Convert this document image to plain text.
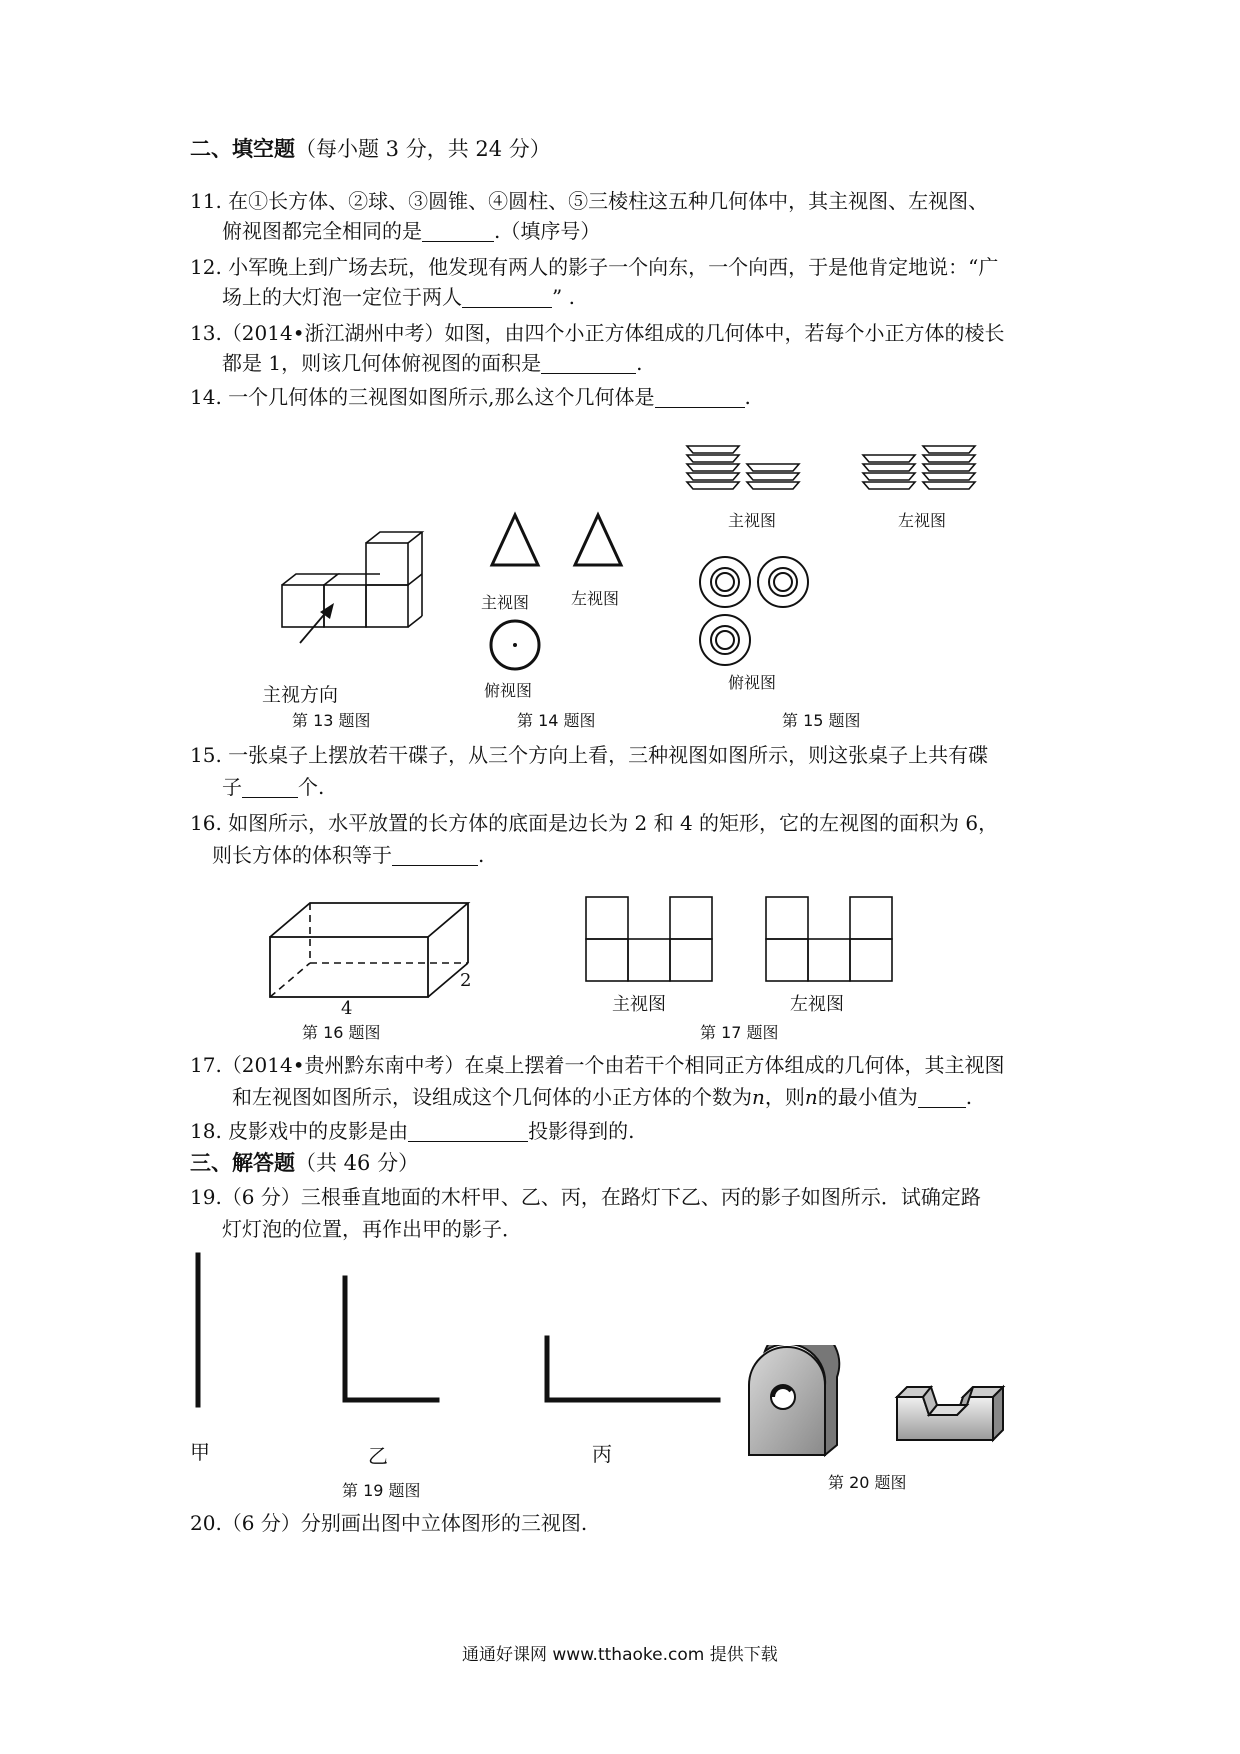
二、填空题（每小题 3 分，共 24 分）
11. 在①长方体、②球、③圆锥、④圆柱、⑤三棱柱这五种几何体中，其主视图、左视图、
俯视图都完全相同的是	.（填序号）
12. 小军晚上到广场去玩，他发现有两人的影子一个向东，一个向西，于是他肯定地说：“广
场上的大灯泡一定位于两人	” .
13.（2014•浙江湖州中考）如图，由四个小正方体组成的几何体中，若每个小正方体的棱长
都是 1，则该几何体俯视图的面积是	.
14. 一个几何体的三视图如图所示,那么这个几何体是	.
主视方向
第 13 题图
主视图	左视图
俯视图
第 14 题图
主视图	左视图
俯视图
第 15 题图
15. 一张桌子上摆放若干碟子，从三个方向上看，三种视图如图所示，则这张桌子上共有碟
子	个.
16. 如图所示，水平放置的长方体的底面是边长为 2 和 4 的矩形，它的左视图的面积为 6，
则长方体的体积等于	.
4
2
第 16 题图
主视图	左视图
第 17 题图
17.（2014•贵州黔东南中考）在桌上摆着一个由若干个相同正方体组成的几何体，其主视图
和左视图如图所示，设组成这个几何体的小正方体的个数为n，则n的最小值为 .
18. 皮影戏中的皮影是由	投影得到的.
三、解答题（共 46 分）
19.（6 分）三根垂直地面的木杆甲、乙、丙，在路灯下乙、丙的影子如图所示．试确定路
灯灯泡的位置，再作出甲的影子．
甲	乙	丙
第 19 题图	第 20 题图
20.（6 分）分别画出图中立体图形的三视图.
通通好课网 www.tthaoke.com 提供下载
